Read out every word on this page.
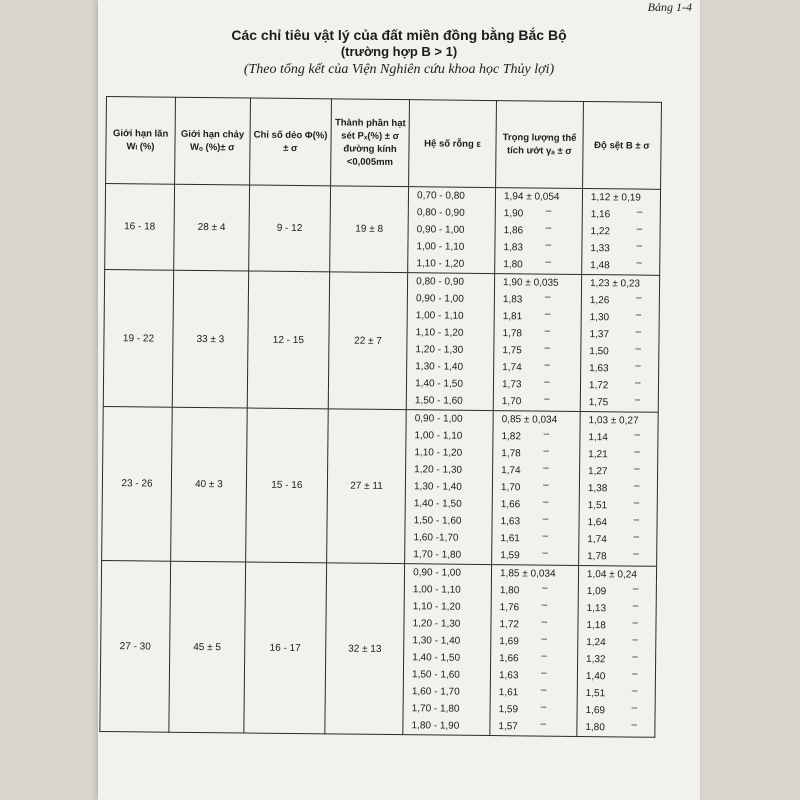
Bảng 1-4
Các chỉ tiêu vật lý của đất miền đồng bằng Bắc Bộ
(trường hợp B > 1)
(Theo tổng kết của Viện Nghiên cứu khoa học Thủy lợi)
Giới hạn lăn Wₗ (%)	Giới hạn chảy Wₒ (%)± σ	Chỉ số dẻo Φ(%) ± σ	Thành phần hạt sét Pₓ(%) ± σ đường kính <0,005mm	Hệ số rỗng ε	Trọng lượng thể tích ướt γₐ ± σ	Độ sệt B ± σ
16 - 18	28 ± 4	9 - 12	19 ± 8	0,70 - 0,80	1,94 ± 0,054	1,12 ± 0,19
				0,80 - 0,90	1,90 –	1,16 –

				0,90 - 1,00	1,86 –	1,22 –

				1,00 - 1,10	1,83 –	1,33 –

				1,10 - 1,20	1,80 –	1,48 –

19 - 22	33 ± 3	12 - 15	22 ± 7	0,80 - 0,90	1,90 ± 0,035	1,23 ± 0,23
				0,90 - 1,00	1,83 –	1,26 –

				1,00 - 1,10	1,81 –	1,30 –

				1,10 - 1,20	1,78 –	1,37 –

				1,20 - 1,30	1,75 –	1,50 –

				1,30 - 1,40	1,74 –	1,63 –

				1,40 - 1,50	1,73 –	1,72 –

				1,50 - 1,60	1,70 –	1,75 –

23 - 26	40 ± 3	15 - 16	27 ± 11	0,90 - 1,00	0,85 ± 0,034	1,03 ± 0,27
				1,00 - 1,10	1,82 –	1,14 –

				1,10 - 1,20	1,78 –	1,21 –

				1,20 - 1,30	1,74 –	1,27 –

				1,30 - 1,40	1,70 –	1,38 –

				1,40 - 1,50	1,66 –	1,51 –

				1,50 - 1,60	1,63 –	1,64 –

				1,60 -1,70	1,61 –	1,74 –

				1,70 - 1,80	1,59 –	1,78 –

27 - 30	45 ± 5	16 - 17	32 ± 13	0,90 - 1,00	1,85 ± 0,034	1,04 ± 0,24
				1,00 - 1,10	1,80 –	1,09 –

				1,10 - 1,20	1,76 –	1,13 –

				1,20 - 1,30	1,72 –	1,18 –

				1,30 - 1,40	1,69 –	1,24 –

				1,40 - 1,50	1,66 –	1,32 –

				1,50 - 1,60	1,63 –	1,40 –

				1,60 - 1,70	1,61 –	1,51 –

				1,70 - 1,80	1,59 –	1,69 –

				1,80 - 1,90	1,57 –	1,80 –
